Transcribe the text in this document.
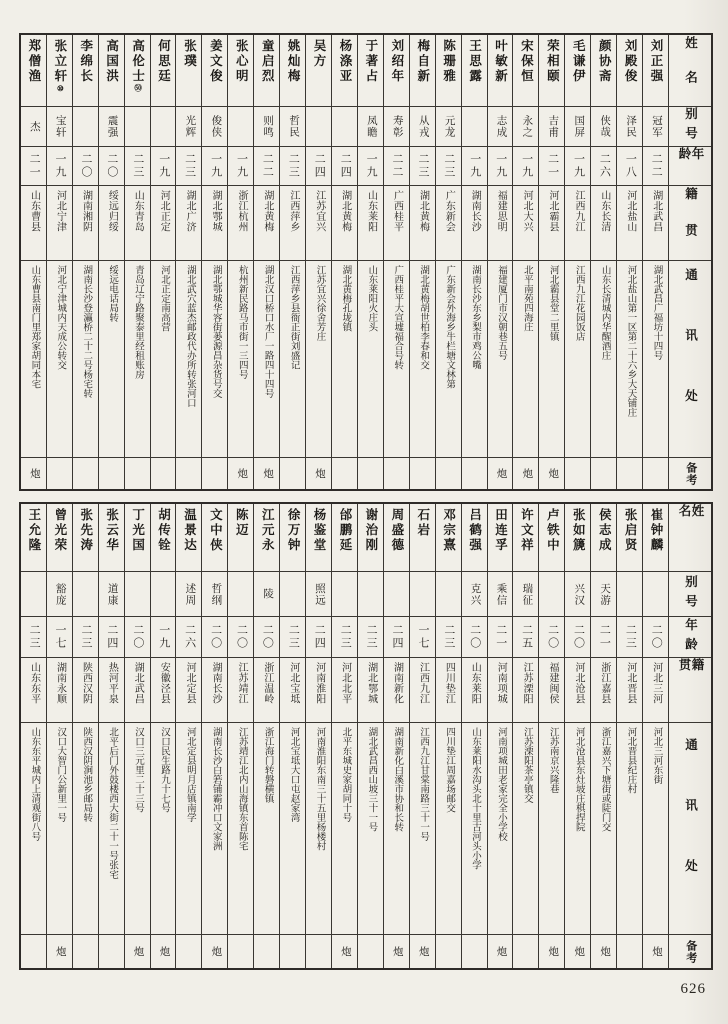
姓名
别号
年龄
籍贯
通讯处
备考
刘正强
冠军
二二
湖北武昌
湖北武昌广福坊十四号
刘殿俊
泽民
一八
河北盐山
河北盐山第一区第二十六乡大天铺庄
颜协斋
侠哉
二六
山东长清
山东长清城内华醒酒庄
毛谦伊
国屏
一九
江西九江
江西九江花园饭店
荣相颐
吉甫
二一
河北霸县
河北霸县堂二里镇
炮
宋保恒
永之
一九
河北大兴
北平南苑四海庄
炮
叶敏新
志成
一九
福建思明
福建厦门市汉朝巷五号
炮
王思露
一九
湖南长沙
湖南长沙东乡梨市鸡公嘴
陈珊雅
元龙
二三
广东新会
广东新会外海乡牛栏塘文林第
梅自新
从戎
二三
湖北黄梅
湖北黄梅胡世柏李春和交
刘绍年
寿彰
二二
广西桂平
广西桂平大宣墟福合号转
于著占
凤瞻
一九
山东莱阳
山东莱阳火庄头
杨涤亚
二四
湖北黄梅
湖北黄梅孔垅镇
吴方
二四
江苏宜兴
江苏宜兴徐舍芳庄
炮
姚灿梅
哲民
二三
江西萍乡
江西萍乡县衙正街刘盛记
童启烈
则鸣
二二
湖北黄梅
湖北汉口桥口水厂一路四十四号
炮
张心明
一九
浙江杭州
杭州新民路马市街一三四号
炮
姜文俊
俊侠
一九
湖北鄂城
湖北鄂城华容街蒌源昌杂货号交
张璞
光辉
二三
湖北广济
湖北武穴蓝杰邮政代办所转张河口
何思廷
一九
河北正定
河北正定南高营
高伦士㊿
二三
山东青岛
青岛辽宁路聚泰里经租账房
高国洪
震强
二〇
绥远归绥
绥远电话局转
李绵长
二〇
湖南湘阴
湖南长沙登瀛桥二十二号杨宅转
张立轩⑩
宝轩
一九
河北宁津
河北宁津城内天成公转交
郑僧渔
杰
二一
山东曹县
山东曹县南门里郑家胡同本宅
炮
姓名
别号
年龄
籍贯
通讯处
备考
崔钟麟
二〇
河北三河
河北三河东街
炮
张启贤
二三
河北晋县
河北晋县纪庄村
侯志成
天游
二一
浙江嘉县
浙江嘉兴下塘街或陡门交
炮
张如篪
兴汉
二〇
河北沧县
河北沧县东灶坡庄棋捍院
炮
卢铁中
二〇
福建闽侯
江苏南京兴隆巷
炮
许文祥
瑞征
二五
江苏溧阳
江苏溧阳茶亭镇交
田连孚
乘信
二一
河南项城
河南项城田老家完全小学校
炮
吕鹤强
克兴
二〇
山东莱阳
山东莱阳水沟头北十里古河头小学
邓宗熹
二三
四川垫江
四川垫江周嘉场邮交
石岩
一七
江西九江
江西九江甘棠南路三十一号
炮
周盛德
二四
湖南新化
湖南新化白溪市协和长转
炮
谢治刚
二三
湖北鄂城
湖北武昌西山坡三十一号
邰鹏延
二三
河北北平
北平东城史家胡同十号
炮
杨鉴堂
照远
二四
河南淮阳
河南淮阳东南三十五里杨楼村
徐万钟
二三
河北宝坻
河北宝坻大口屯赵家湾
江元永
陵
二〇
浙江温岭
浙江海门转磐横镇
陈迈
二〇
江苏靖江
江苏靖江北内山海镇东首陈宅
文中侠
哲纲
二〇
湖南长沙
湖南长沙白箬铺霸冲口文家洲
炮
温景达
述周
二六
河北定县
河北定县明月店镇南学
胡传铨
一九
安徽泾县
汉口民生路九十七号
炮
丁光国
二〇
湖北武昌
汉口三元里二十三号
炮
张云华
道康
二四
热河平泉
北平后门外鼓楼西大街二十一号张宅
张先涛
二三
陕西汉阴
陕西汉阴涧池乡邮局转
曾光荣
豁庞
一七
湖南永顺
汉口大智门公新里一号
炮
王允隆
二三
山东东平
山东东平城内上清观街八号
626
